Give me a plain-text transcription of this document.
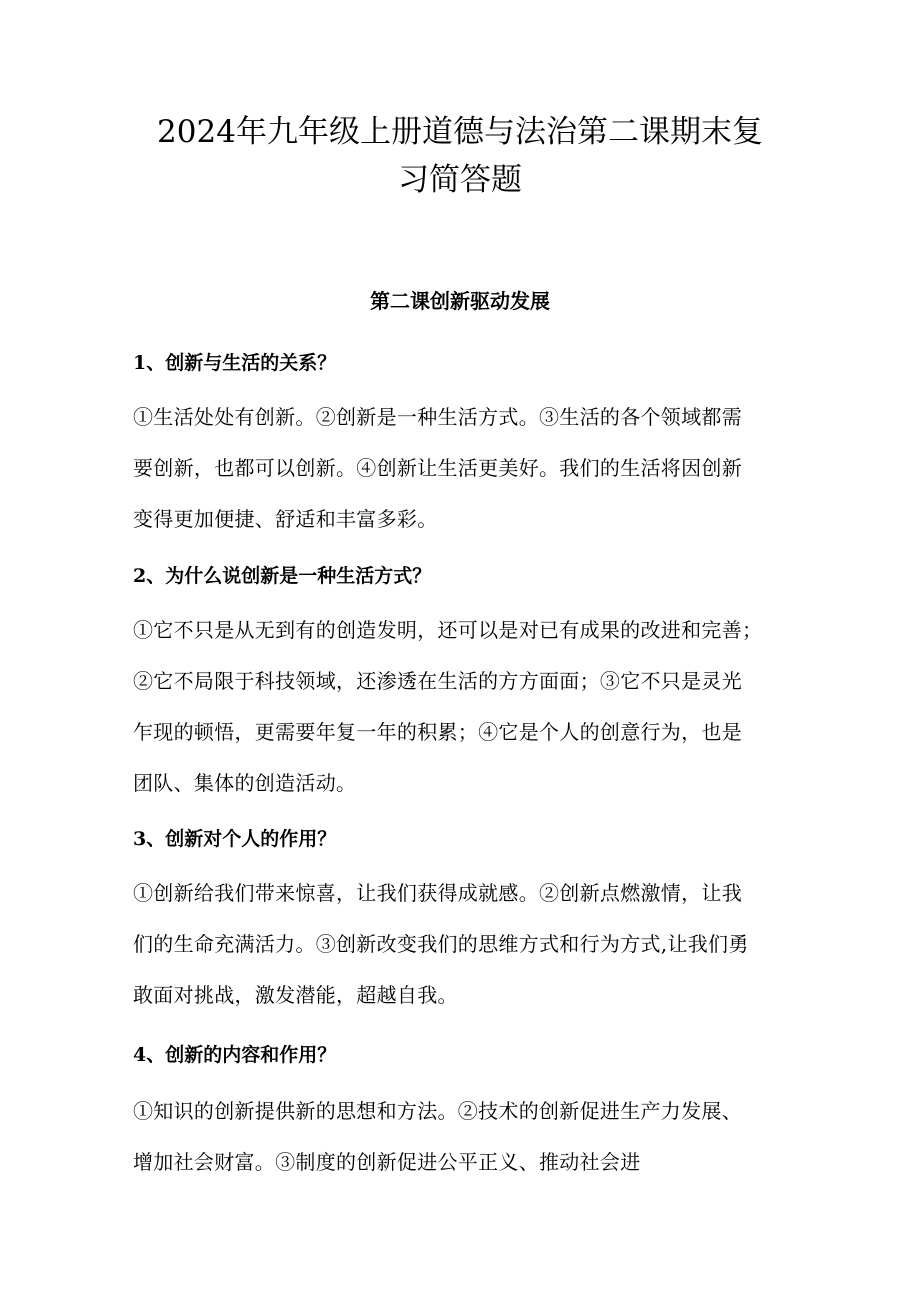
2024年九年级上册道德与法治第二课期末复
习简答题
第二课创新驱动发展
1、创新与生活的关系？
①生活处处有创新。②创新是一种生活方式。③生活的各个领域都需
要创新，也都可以创新。④创新让生活更美好。我们的生活将因创新
变得更加便捷、舒适和丰富多彩。
2、为什么说创新是一种生活方式？
①它不只是从无到有的创造发明，还可以是对已有成果的改进和完善；
②它不局限于科技领域，还渗透在生活的方方面面；③它不只是灵光
乍现的顿悟，更需要年复一年的积累；④它是个人的创意行为，也是
团队、集体的创造活动。
3、创新对个人的作用？
①创新给我们带来惊喜，让我们获得成就感。②创新点燃激情，让我
们的生命充满活力。③创新改变我们的思维方式和行为方式,让我们勇
敢面对挑战，激发潜能，超越自我。
4、创新的内容和作用？
①知识的创新提供新的思想和方法。②技术的创新促进生产力发展、
增加社会财富。③制度的创新促进公平正义、推动社会进
